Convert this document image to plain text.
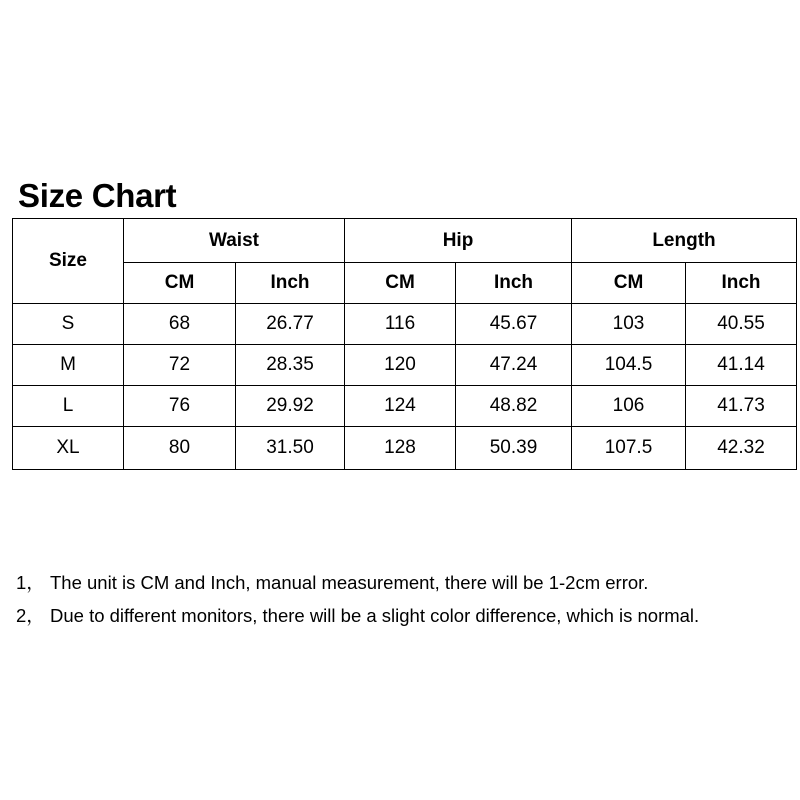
Size Chart
Size	Waist		Hip		Length	
	CM	Inch	CM	Inch	CM	Inch
S	68	26.77	116	45.67	103	40.55
M	72	28.35	120	47.24	104.5	41.14
L	76	29.92	124	48.82	106	41.73
XL	80	31.50	128	50.39	107.5	42.32
1， The unit is CM and Inch, manual measurement, there will be 1-2cm error.
2， Due to different monitors, there will be a slight color difference, which is normal.
